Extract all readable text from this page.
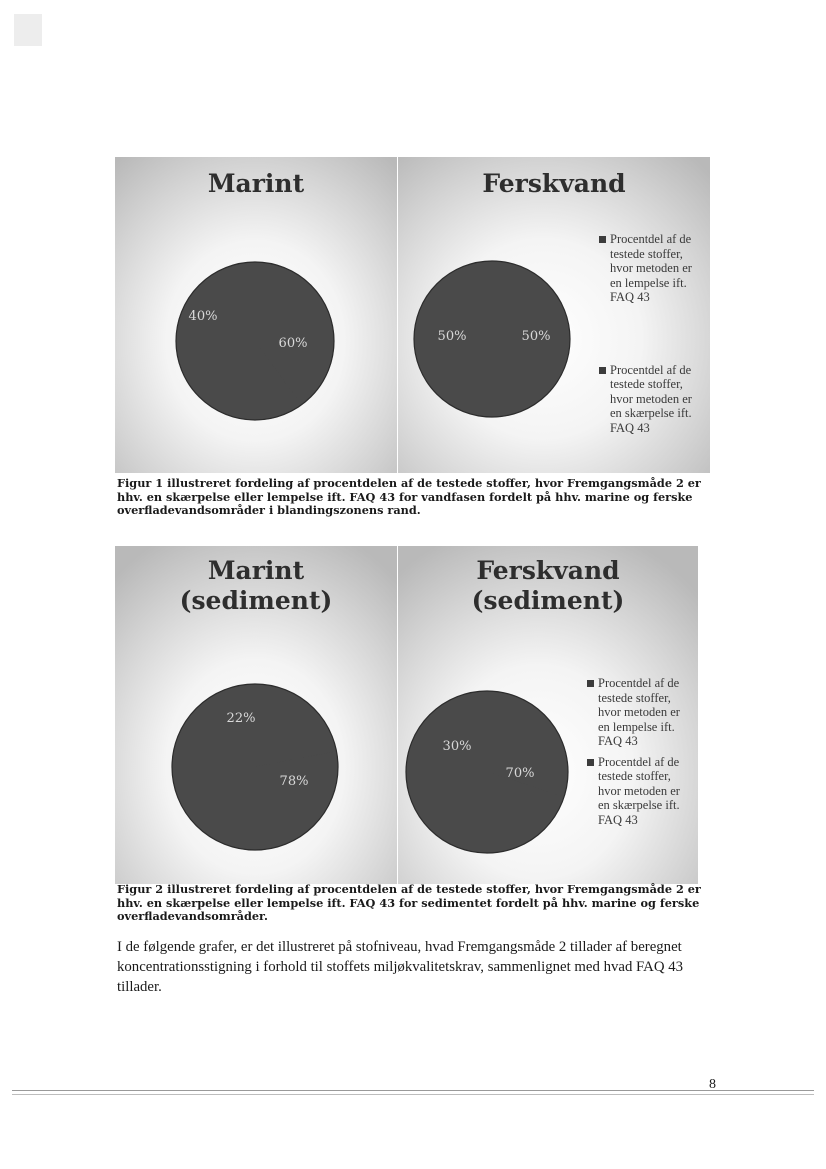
40%
60%
Marint
50%	50%
Ferskvand
Procentdel af de testede stoffer, hvor metoden er en lempelse ift. FAQ 43
Procentdel af de testede stoffer, hvor metoden er en skærpelse ift. FAQ 43
Figur 1 illustreret fordeling af procentdelen af de testede stoffer, hvor Fremgangsmåde 2 er hhv. en skærpelse eller lempelse ift. FAQ 43 for vandfasen fordelt på hhv. marine og ferske overfladevandsområder i blandingszonens rand.
22%
78%
Marint
(sediment)
30%
70%
Ferskvand
(sediment)
Procentdel af de testede stoffer, hvor metoden er en lempelse ift. FAQ 43
Procentdel af de testede stoffer, hvor metoden er en skærpelse ift. FAQ 43
Figur 2 illustreret fordeling af procentdelen af de testede stoffer, hvor Fremgangsmåde 2 er hhv. en skærpelse eller lempelse ift. FAQ 43 for sedimentet fordelt på hhv. marine og ferske overfladevandsområder.
I de følgende grafer, er det illustreret på stofniveau, hvad Fremgangsmåde 2 tillader af beregnet koncentrationsstigning i forhold til stoffets miljøkvalitetskrav, sammenlignet med hvad FAQ 43 tillader.
8
